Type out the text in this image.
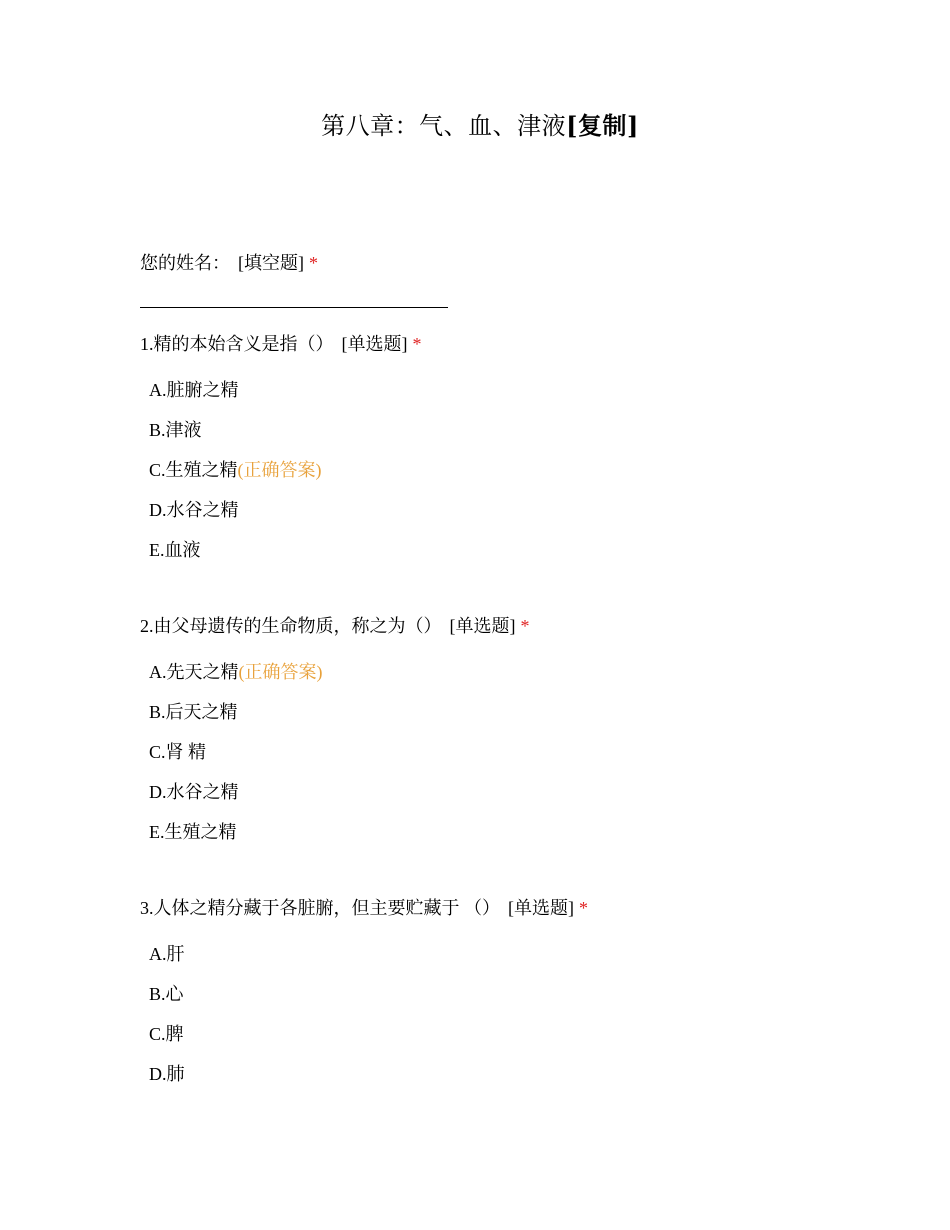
第八章：气、血、津液[复制]
您的姓名： [填空题] *
1.精的本始含义是指（） [单选题] *
A.脏腑之精
B.津液
C.生殖之精(正确答案)
D.水谷之精
E.血液
2.由父母遗传的生命物质，称之为（） [单选题] *
A.先天之精(正确答案)
B.后天之精
C.肾 精
D.水谷之精
E.生殖之精
3.人体之精分藏于各脏腑，但主要贮藏于 （） [单选题] *
A.肝
B.心
C.脾
D.肺
